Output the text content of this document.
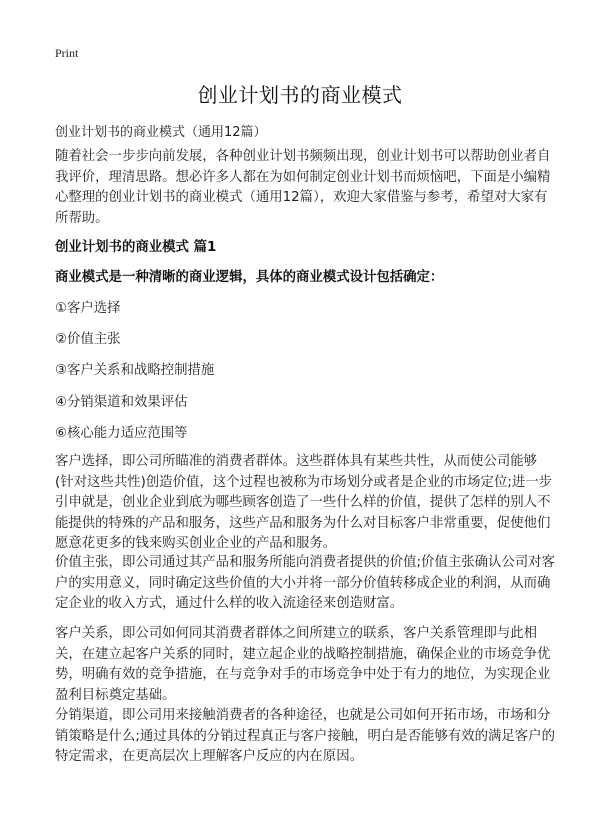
Print
创业计划书的商业模式
创业计划书的商业模式（通用12篇）

随着社会一步步向前发展，各种创业计划书频频出现，创业计划书可以帮助创业者自我评价，理清思路。想必许多人都在为如何制定创业计划书而烦恼吧，下面是小编精心整理的创业计划书的商业模式（通用12篇），欢迎大家借鉴与参考，希望对大家有所帮助。

创业计划书的商业模式 篇1

商业模式是一种清晰的商业逻辑，具体的商业模式设计包括确定：

①客户选择
②价值主张
③客户关系和战略控制措施
④分销渠道和效果评估
⑥核心能力适应范围等

客户选择，即公司所瞄准的消费者群体。这些群体具有某些共性，从而使公司能够(针对这些共性)创造价值，这个过程也被称为市场划分或者是企业的市场定位;进一步引申就是，创业企业到底为哪些顾客创造了一些什么样的价值，提供了怎样的别人不能提供的特殊的产品和服务，这些产品和服务为什么对目标客户非常重要，促使他们愿意花更多的钱来购买创业企业的产品和服务。

价值主张，即公司通过其产品和服务所能向消费者提供的价值;价值主张确认公司对客户的实用意义，同时确定这些价值的大小并将一部分价值转移成企业的利润，从而确定企业的收入方式，通过什么样的收入流途径来创造财富。

客户关系，即公司如何同其消费者群体之间所建立的联系，客户关系管理即与此相关，在建立起客户关系的同时，建立起企业的战略控制措施，确保企业的市场竞争优势，明确有效的竞争措施，在与竞争对手的市场竞争中处于有力的地位，为实现企业盈利目标奠定基础。

分销渠道，即公司用来接触消费者的各种途径，也就是公司如何开拓市场，市场和分销策略是什么;通过具体的分销过程真正与客户接触，明白是否能够有效的满足客户的特定需求，在更高层次上理解客户反应的内在原因。
